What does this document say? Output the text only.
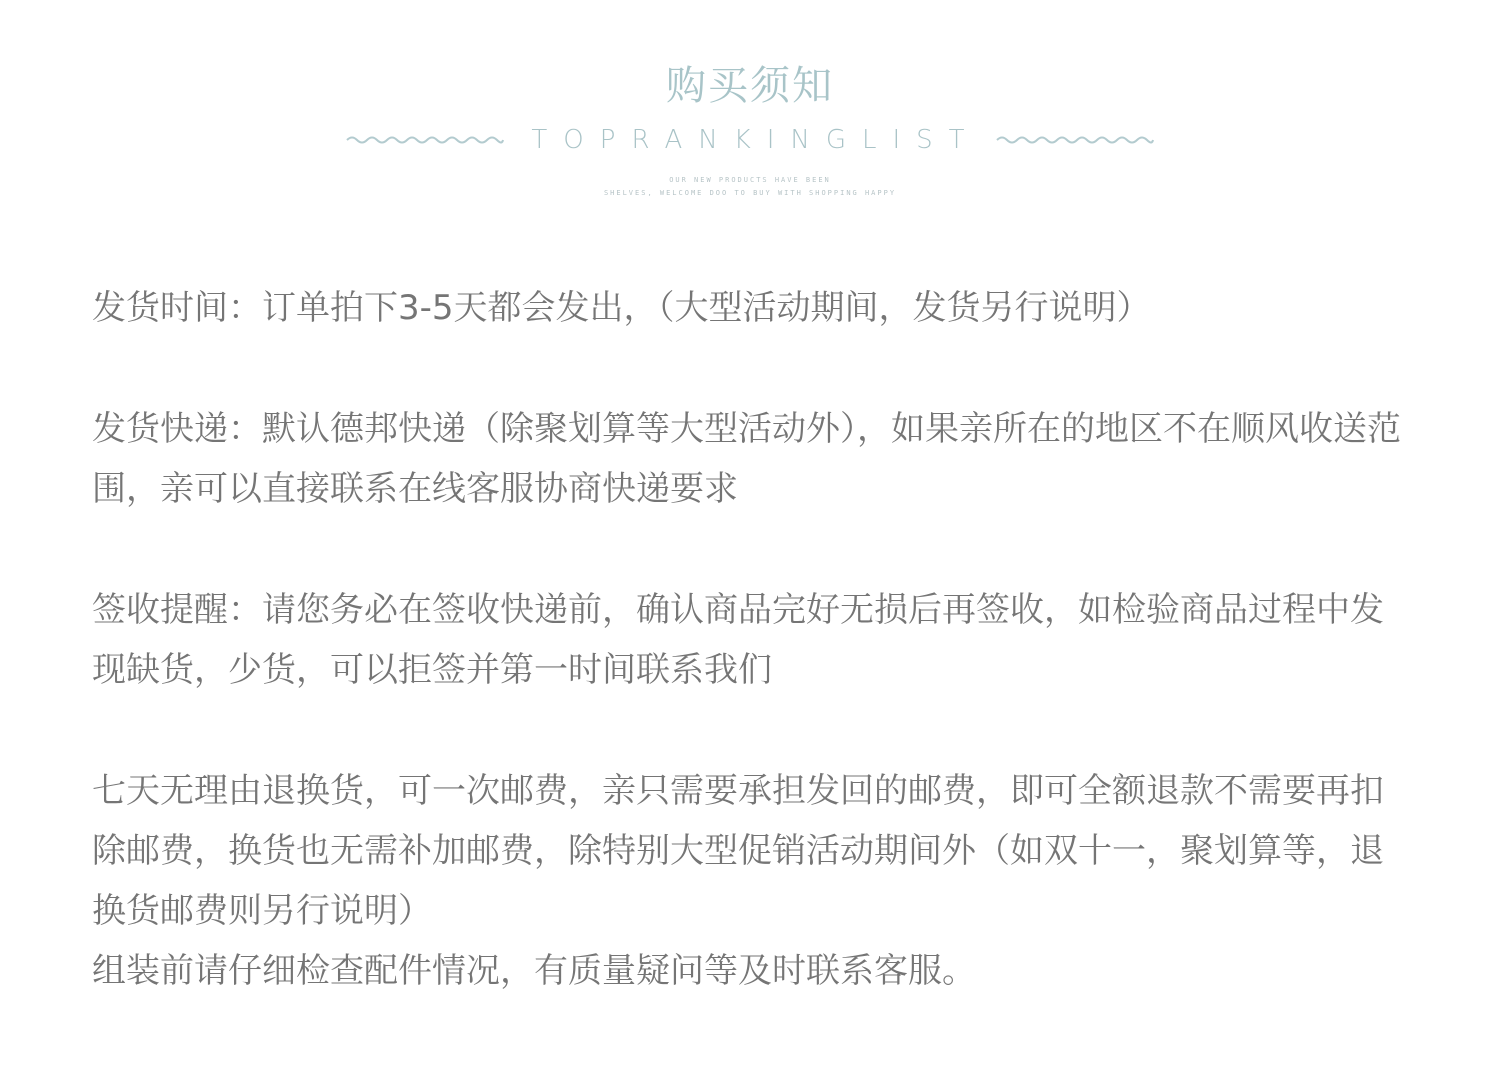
购买须知
TOPRANKINGLIST
OUR NEW PRODUCTS HAVE BEEN
SHELVES, WELCOME DOO TO BUY WITH SHOPPING HAPPY

发货时间：订单拍下3-5天都会发出，（大型活动期间，发货另行说明）

发货快递：默认德邦快递（除聚划算等大型活动外），如果亲所在的地区不在顺风收送范围，亲可以直接联系在线客服协商快递要求

签收提醒：请您务必在签收快递前，确认商品完好无损后再签收，如检验商品过程中发现缺货，少货，可以拒签并第一时间联系我们

七天无理由退换货，可一次邮费，亲只需要承担发回的邮费，即可全额退款不需要再扣除邮费，换货也无需补加邮费，除特别大型促销活动期间外（如双十一，聚划算等，退换货邮费则另行说明）

组装前请仔细检查配件情况，有质量疑问等及时联系客服。
